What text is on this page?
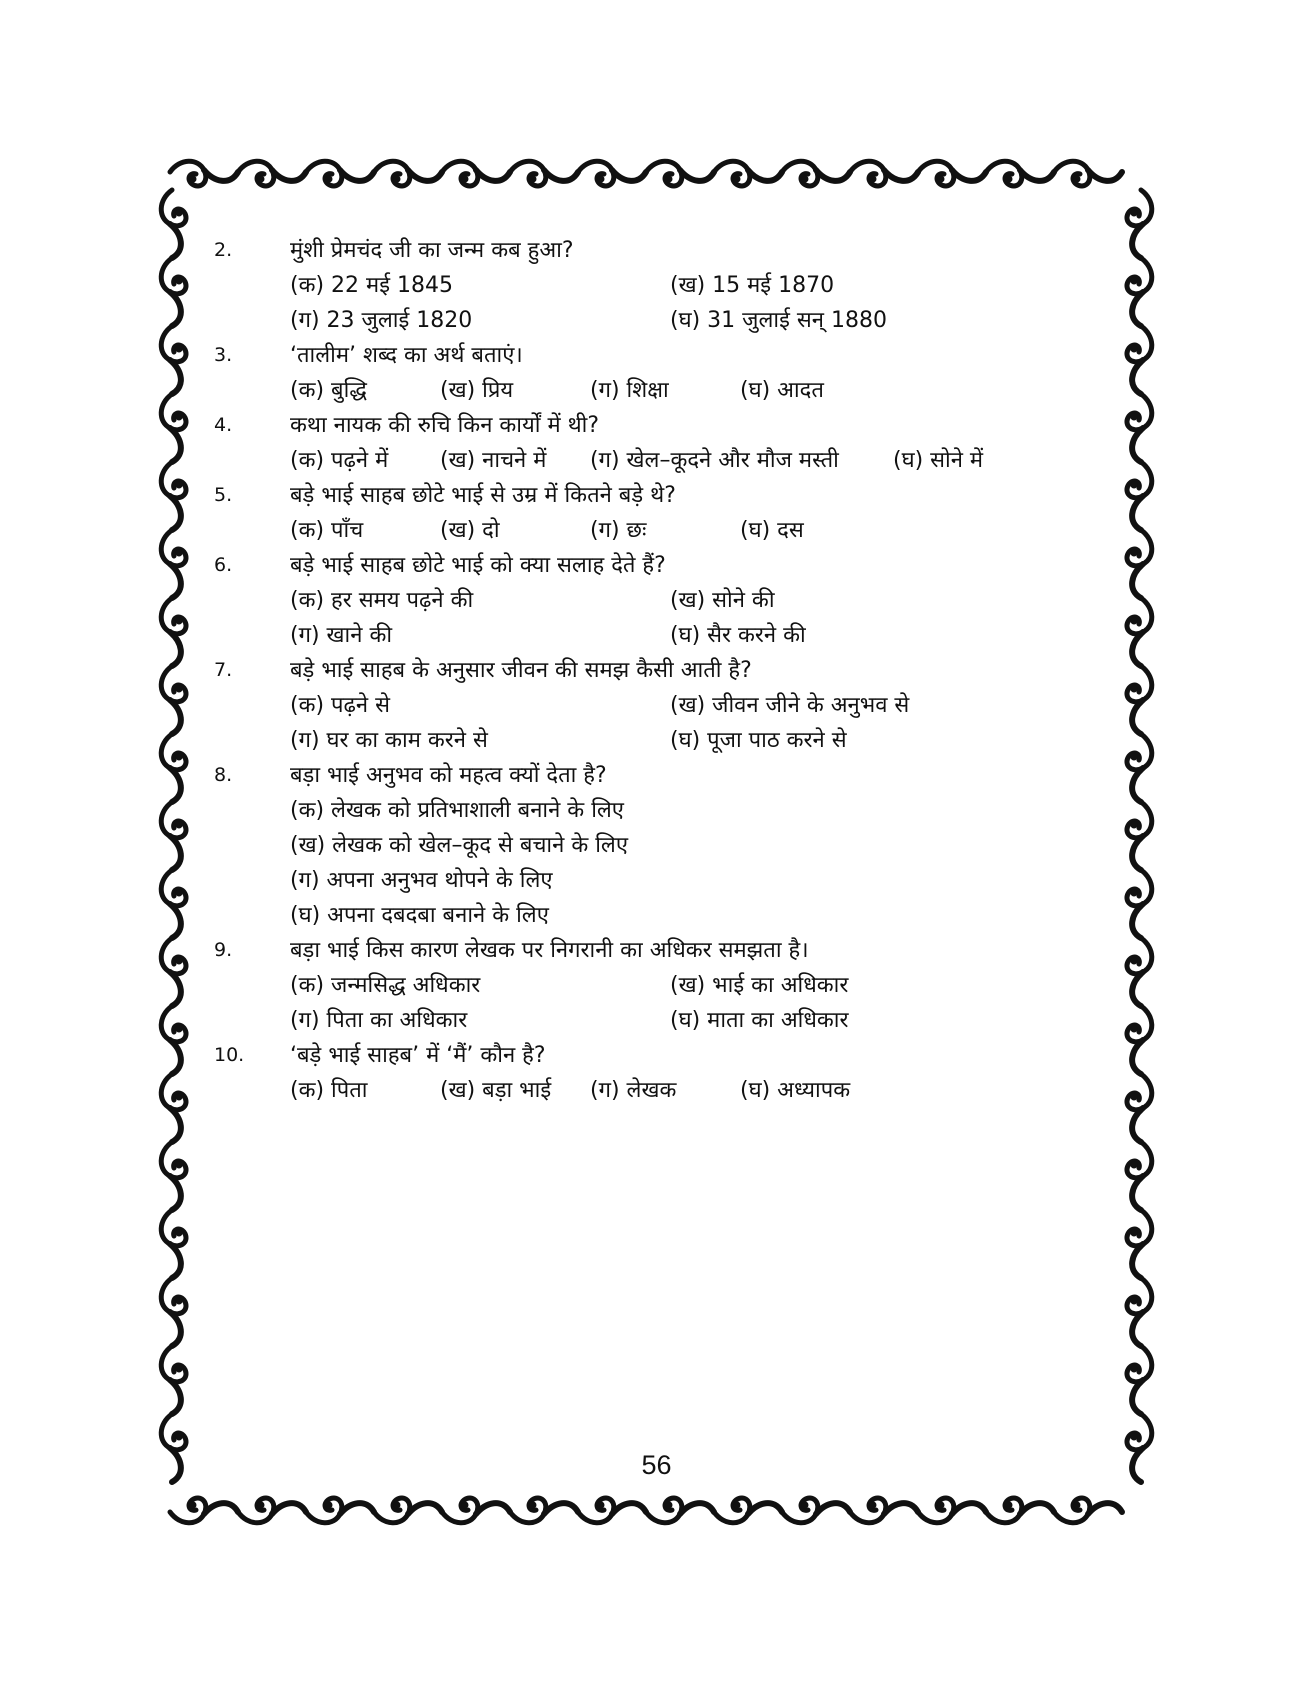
2.	मुंशी प्रेमचंद जी का जन्म कब हुआ?
(क) 22 मई 1845	(ख) 15 मई 1870
(ग) 23 जुलाई 1820	(घ) 31 जुलाई सन् 1880
3.	‘तालीम’ शब्द का अर्थ बताएं।
(क) बुद्धि	(ख) प्रिय	(ग) शिक्षा	(घ) आदत
4.	कथा नायक की रुचि किन कार्यों में थी?
(क) पढ़ने में (ख) नाचने में (ग) खेल–कूदने और मौज मस्ती (घ) सोने में
5.	बड़े भाई साहब छोटे भाई से उम्र में कितने बड़े थे?
(क) पाँच	(ख) दो	(ग) छः	(घ) दस
6.	बड़े भाई साहब छोटे भाई को क्या सलाह देते हैं?
(क) हर समय पढ़ने की	(ख) सोने की
(ग) खाने की	(घ) सैर करने की
7.	बड़े भाई साहब के अनुसार जीवन की समझ कैसी आती है?
(क) पढ़ने से	(ख) जीवन जीने के अनुभव से
(ग) घर का काम करने से	(घ) पूजा पाठ करने से
8.	बड़ा भाई अनुभव को महत्व क्यों देता है?
(क) लेखक को प्रतिभाशाली बनाने के लिए
(ख) लेखक को खेल–कूद से बचाने के लिए
(ग) अपना अनुभव थोपने के लिए
(घ) अपना दबदबा बनाने के लिए
9.	बड़ा भाई किस कारण लेखक पर निगरानी का अधिकर समझता है।
(क) जन्मसिद्ध अधिकार	(ख) भाई का अधिकार
(ग) पिता का अधिकार	(घ) माता का अधिकार
10.	‘बड़े भाई साहब’ में ‘मैं’ कौन है?
(क) पिता	(ख) बड़ा भाई (ग) लेखक	(घ) अध्यापक
56
